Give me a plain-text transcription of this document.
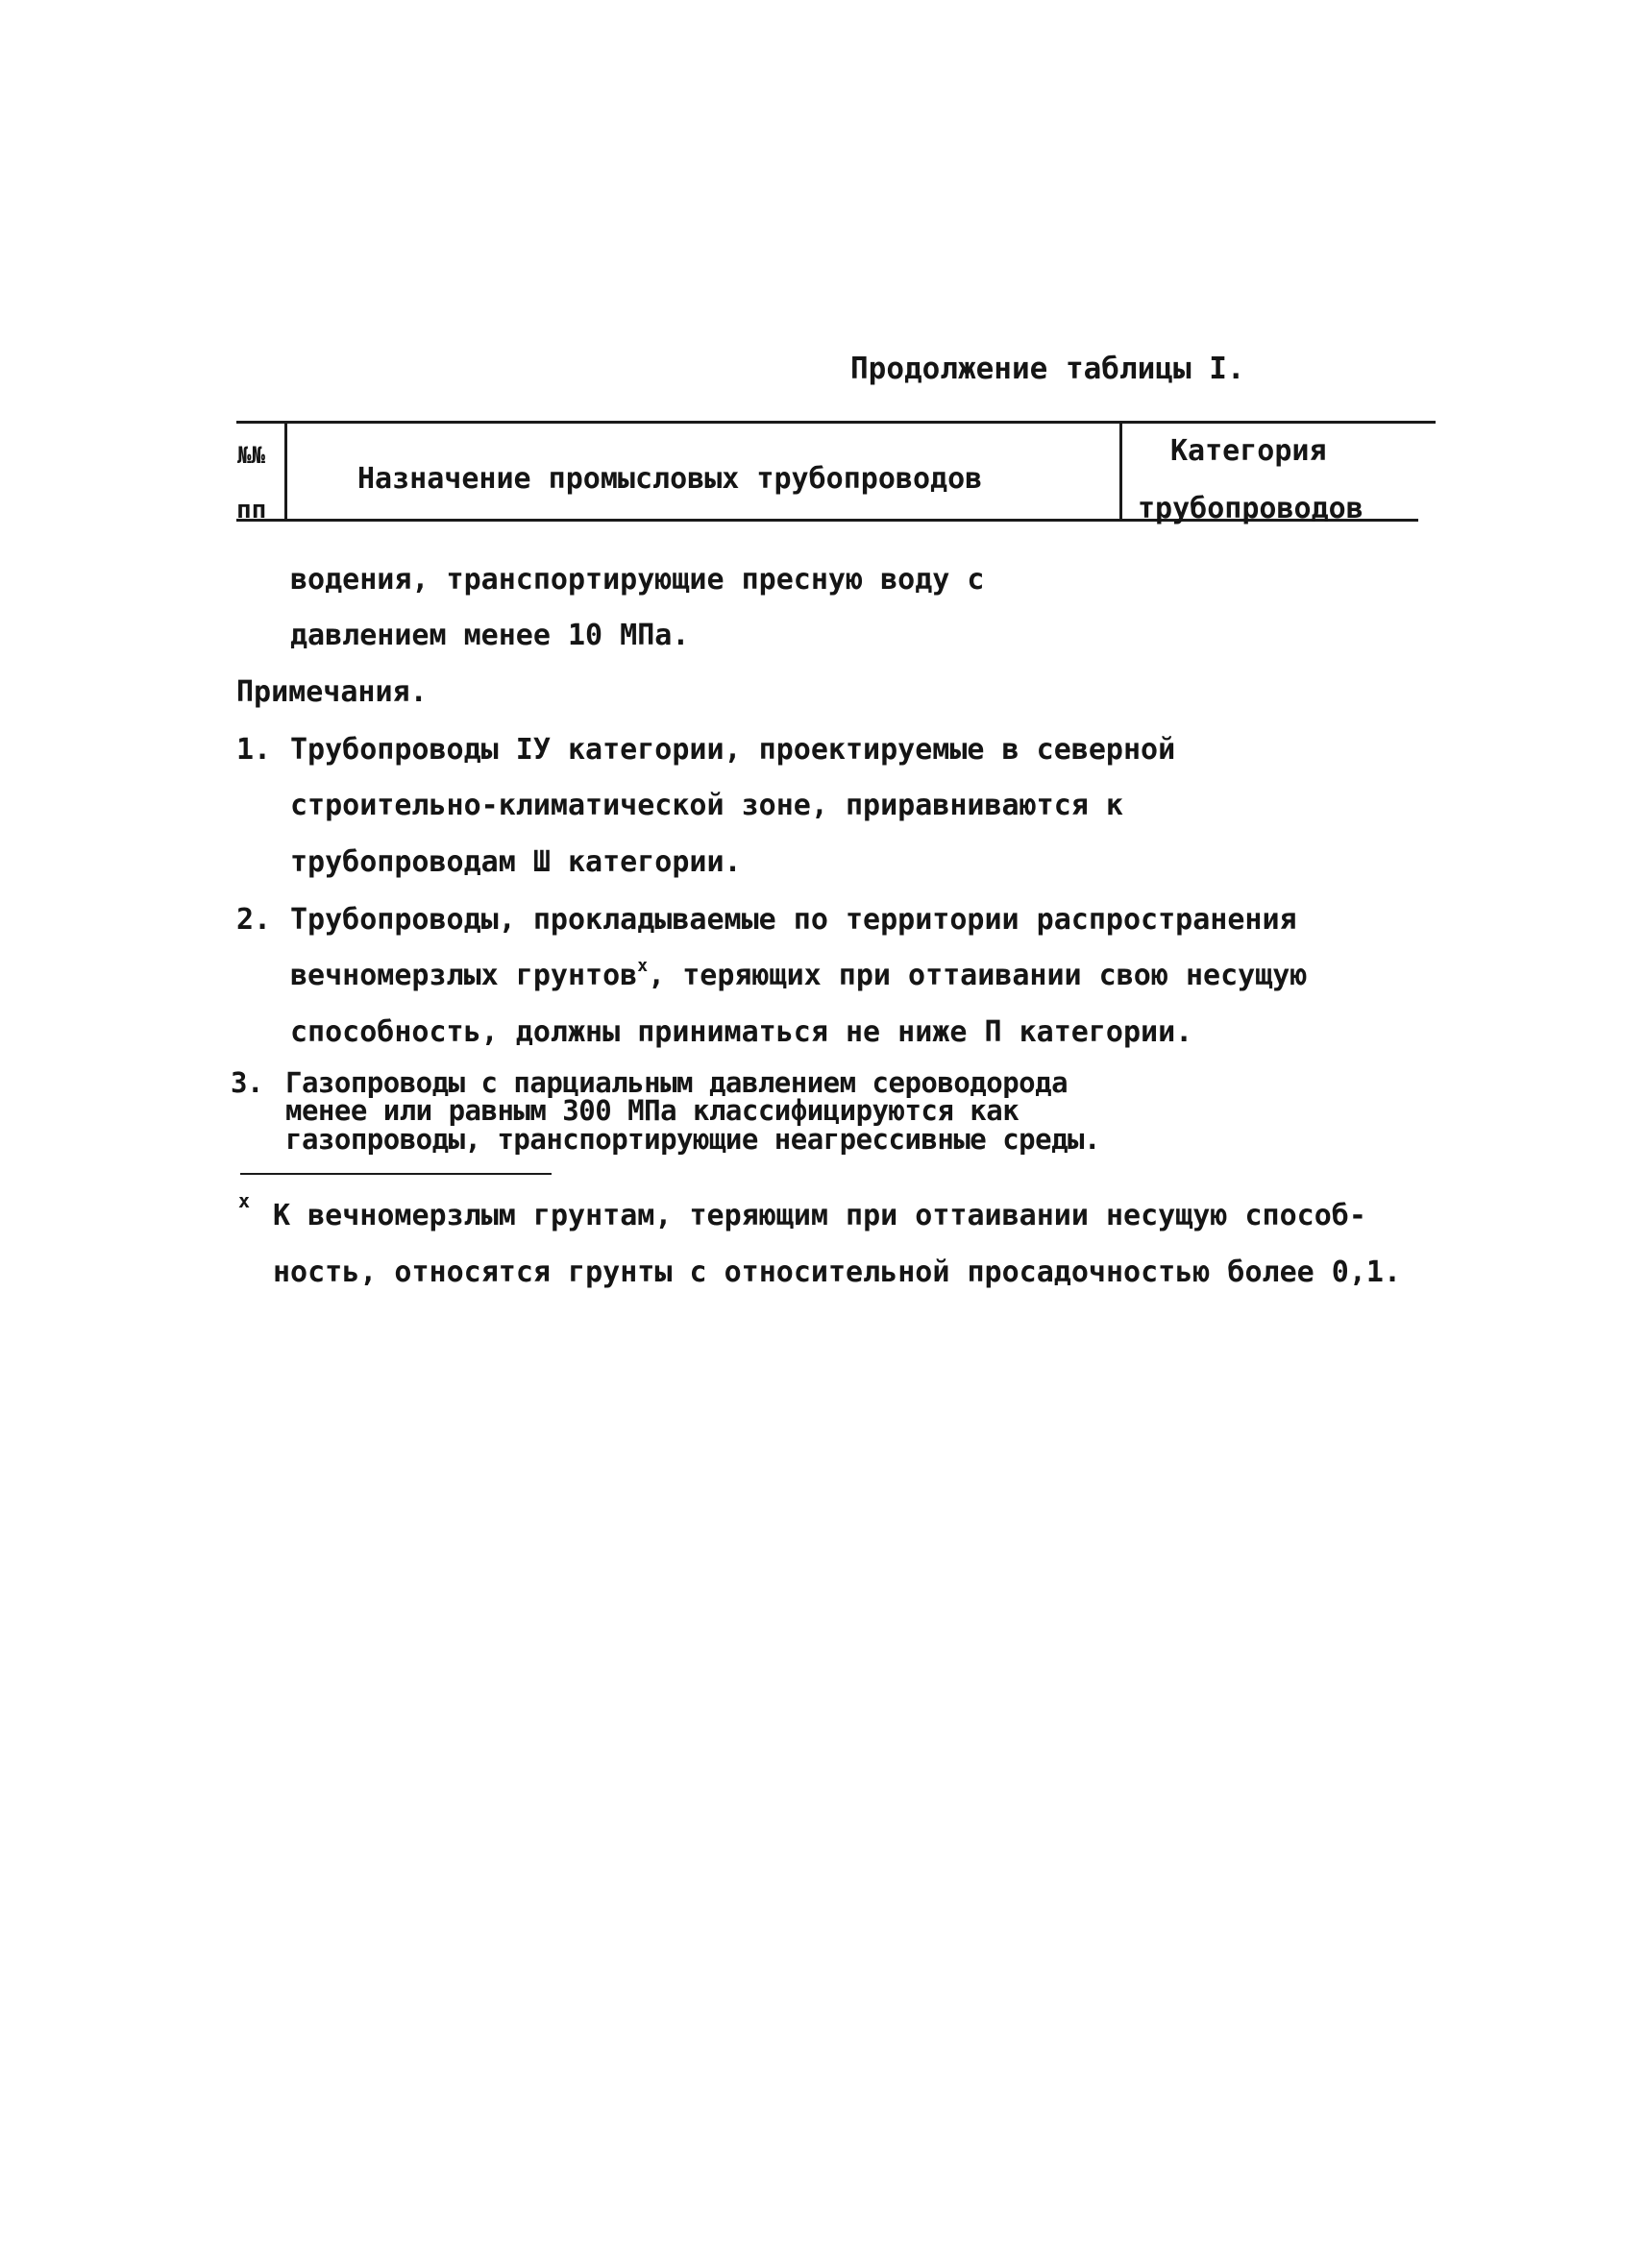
Продолжение таблицы I.
№№
пп
Назначение промысловых трубопроводов
Категория
трубопроводов
водения, транспортирующие пресную воду с
давлением менее 10 МПа.
Примечания.
1. Трубопроводы IУ категории, проектируемые в северной
строительно-климатической зоне, приравниваются к
трубопроводам Ш категории.
2. Трубопроводы, прокладываемые по территории распространения
вечномерзлых грунтов$^х$, теряющих при оттаивании свою несущую
способность, должны приниматься не ниже П категории.
3. Газопроводы с парциальным давлением сероводорода
менее или равным 300 МПа классифицируются как
газопроводы, транспортирующие неагрессивные среды.
х К вечномерзлым грунтам, теряющим при оттаивании несущую способ-
ность, относятся грунты с относительной просадочностью более 0,1.
